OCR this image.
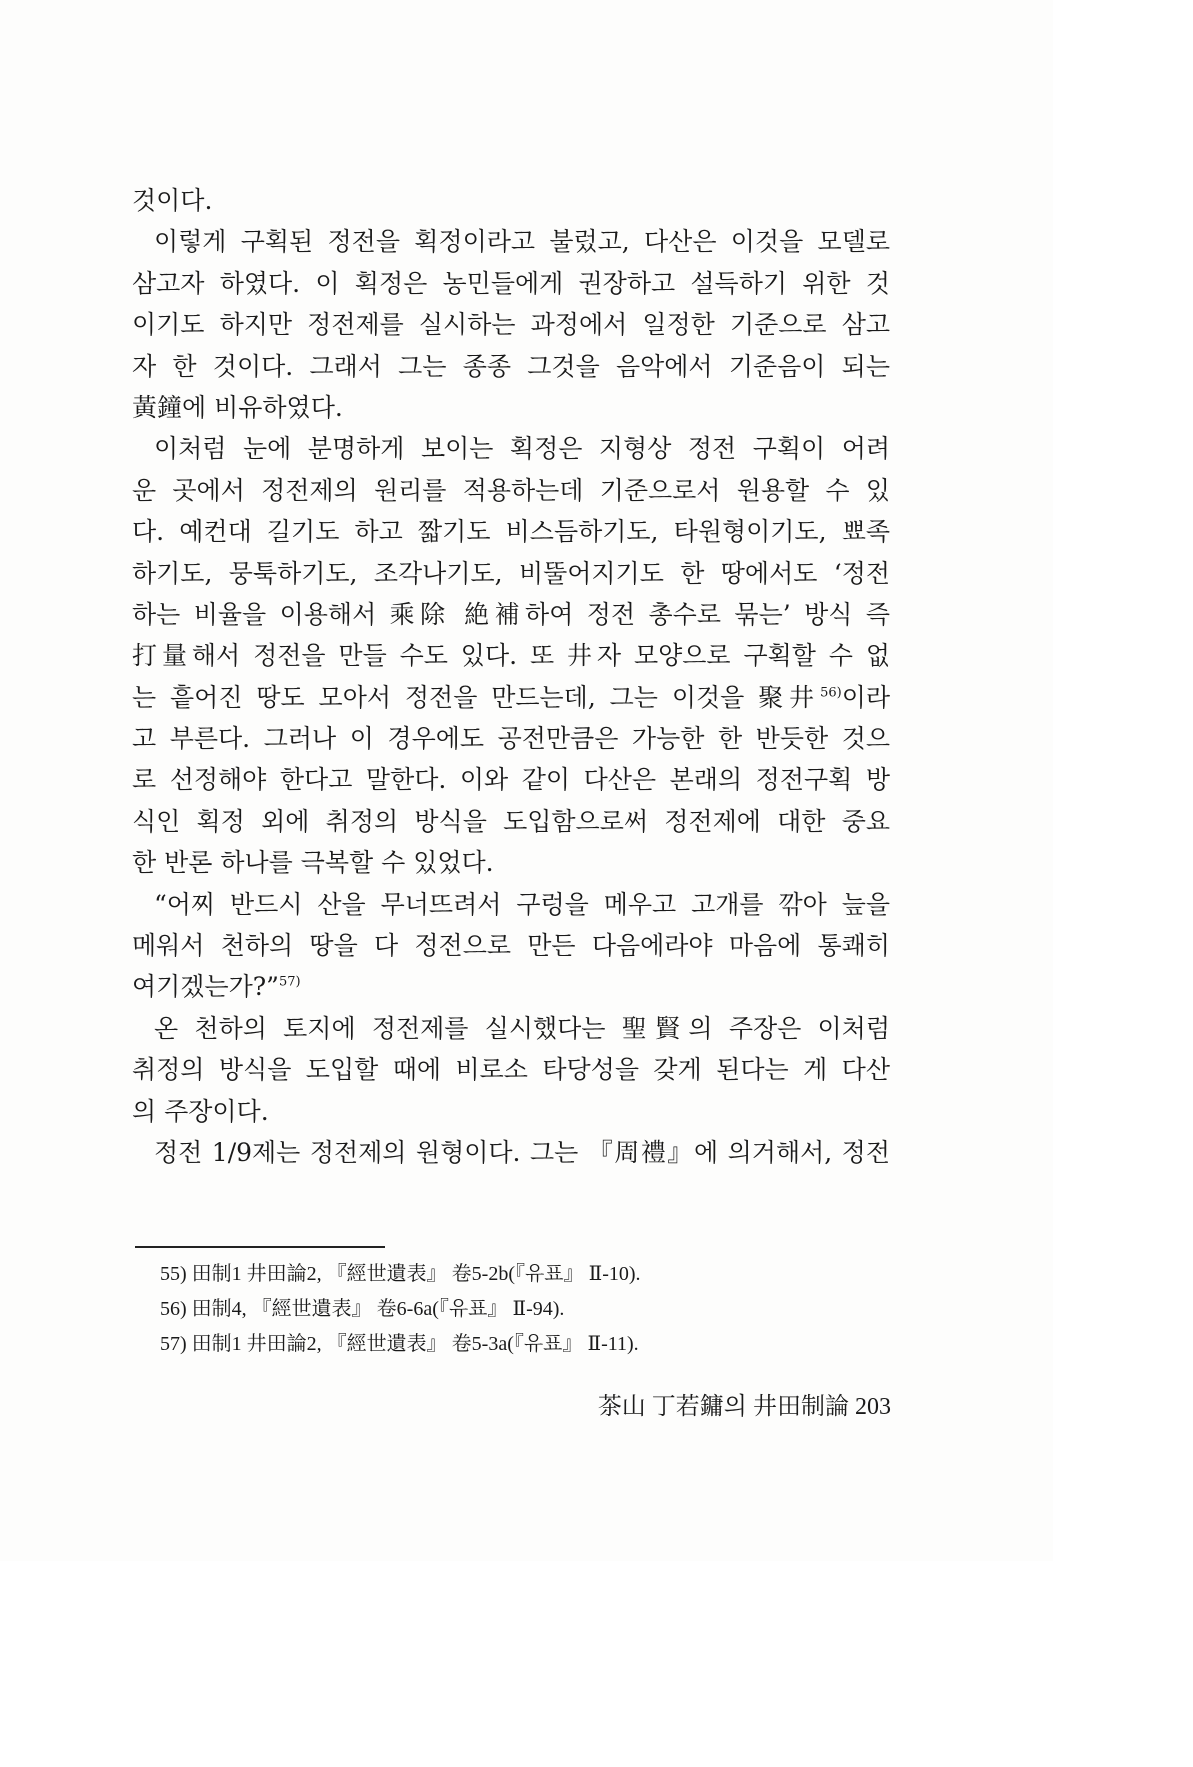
것이다.
이렇게 구획된 정전을 획정이라고 불렀고, 다산은 이것을 모델로
삼고자 하였다. 이 획정은 농민들에게 권장하고 설득하기 위한 것
이기도 하지만 정전제를 실시하는 과정에서 일정한 기준으로 삼고
자 한 것이다. 그래서 그는 종종 그것을 음악에서 기준음이 되는
黃鐘에 비유하였다.
이처럼 눈에 분명하게 보이는 획정은 지형상 정전 구획이 어려
운 곳에서 정전제의 원리를 적용하는데 기준으로서 원용할 수 있
다. 예컨대 길기도 하고 짧기도 비스듬하기도, 타원형이기도, 뾰족
하기도, 뭉툭하기도, 조각나기도, 비뚤어지기도 한 땅에서도 ‘정전
하는 비율을 이용해서 乘除 絶補하여 정전 총수로 묶는’ 방식 즉
打量해서 정전을 만들 수도 있다. 또 井자 모양으로 구획할 수 없
는 흩어진 땅도 모아서 정전을 만드는데, 그는 이것을 聚井$^{56)}$이라
고 부른다. 그러나 이 경우에도 공전만큼은 가능한 한 반듯한 것으
로 선정해야 한다고 말한다. 이와 같이 다산은 본래의 정전구획 방
식인 획정 외에 취정의 방식을 도입함으로써 정전제에 대한 중요
한 반론 하나를 극복할 수 있었다.
“어찌 반드시 산을 무너뜨려서 구렁을 메우고 고개를 깎아 늪을
메워서 천하의 땅을 다 정전으로 만든 다음에라야 마음에 통쾌히
여기겠는가?”$^{57)}$
온 천하의 토지에 정전제를 실시했다는 聖賢의 주장은 이처럼
취정의 방식을 도입할 때에 비로소 타당성을 갖게 된다는 게 다산
의 주장이다.
정전 1/9제는 정전제의 원형이다. 그는 『周禮』에 의거해서, 정전
55) 田制1 井田論2, 『經世遺表』 卷5-2b(『유표』 Ⅱ-10).
56) 田制4, 『經世遺表』 卷6-6a(『유표』 Ⅱ-94).
57) 田制1 井田論2, 『經世遺表』 卷5-3a(『유표』 Ⅱ-11).
茶山 丁若鏞의 井田制論 203
